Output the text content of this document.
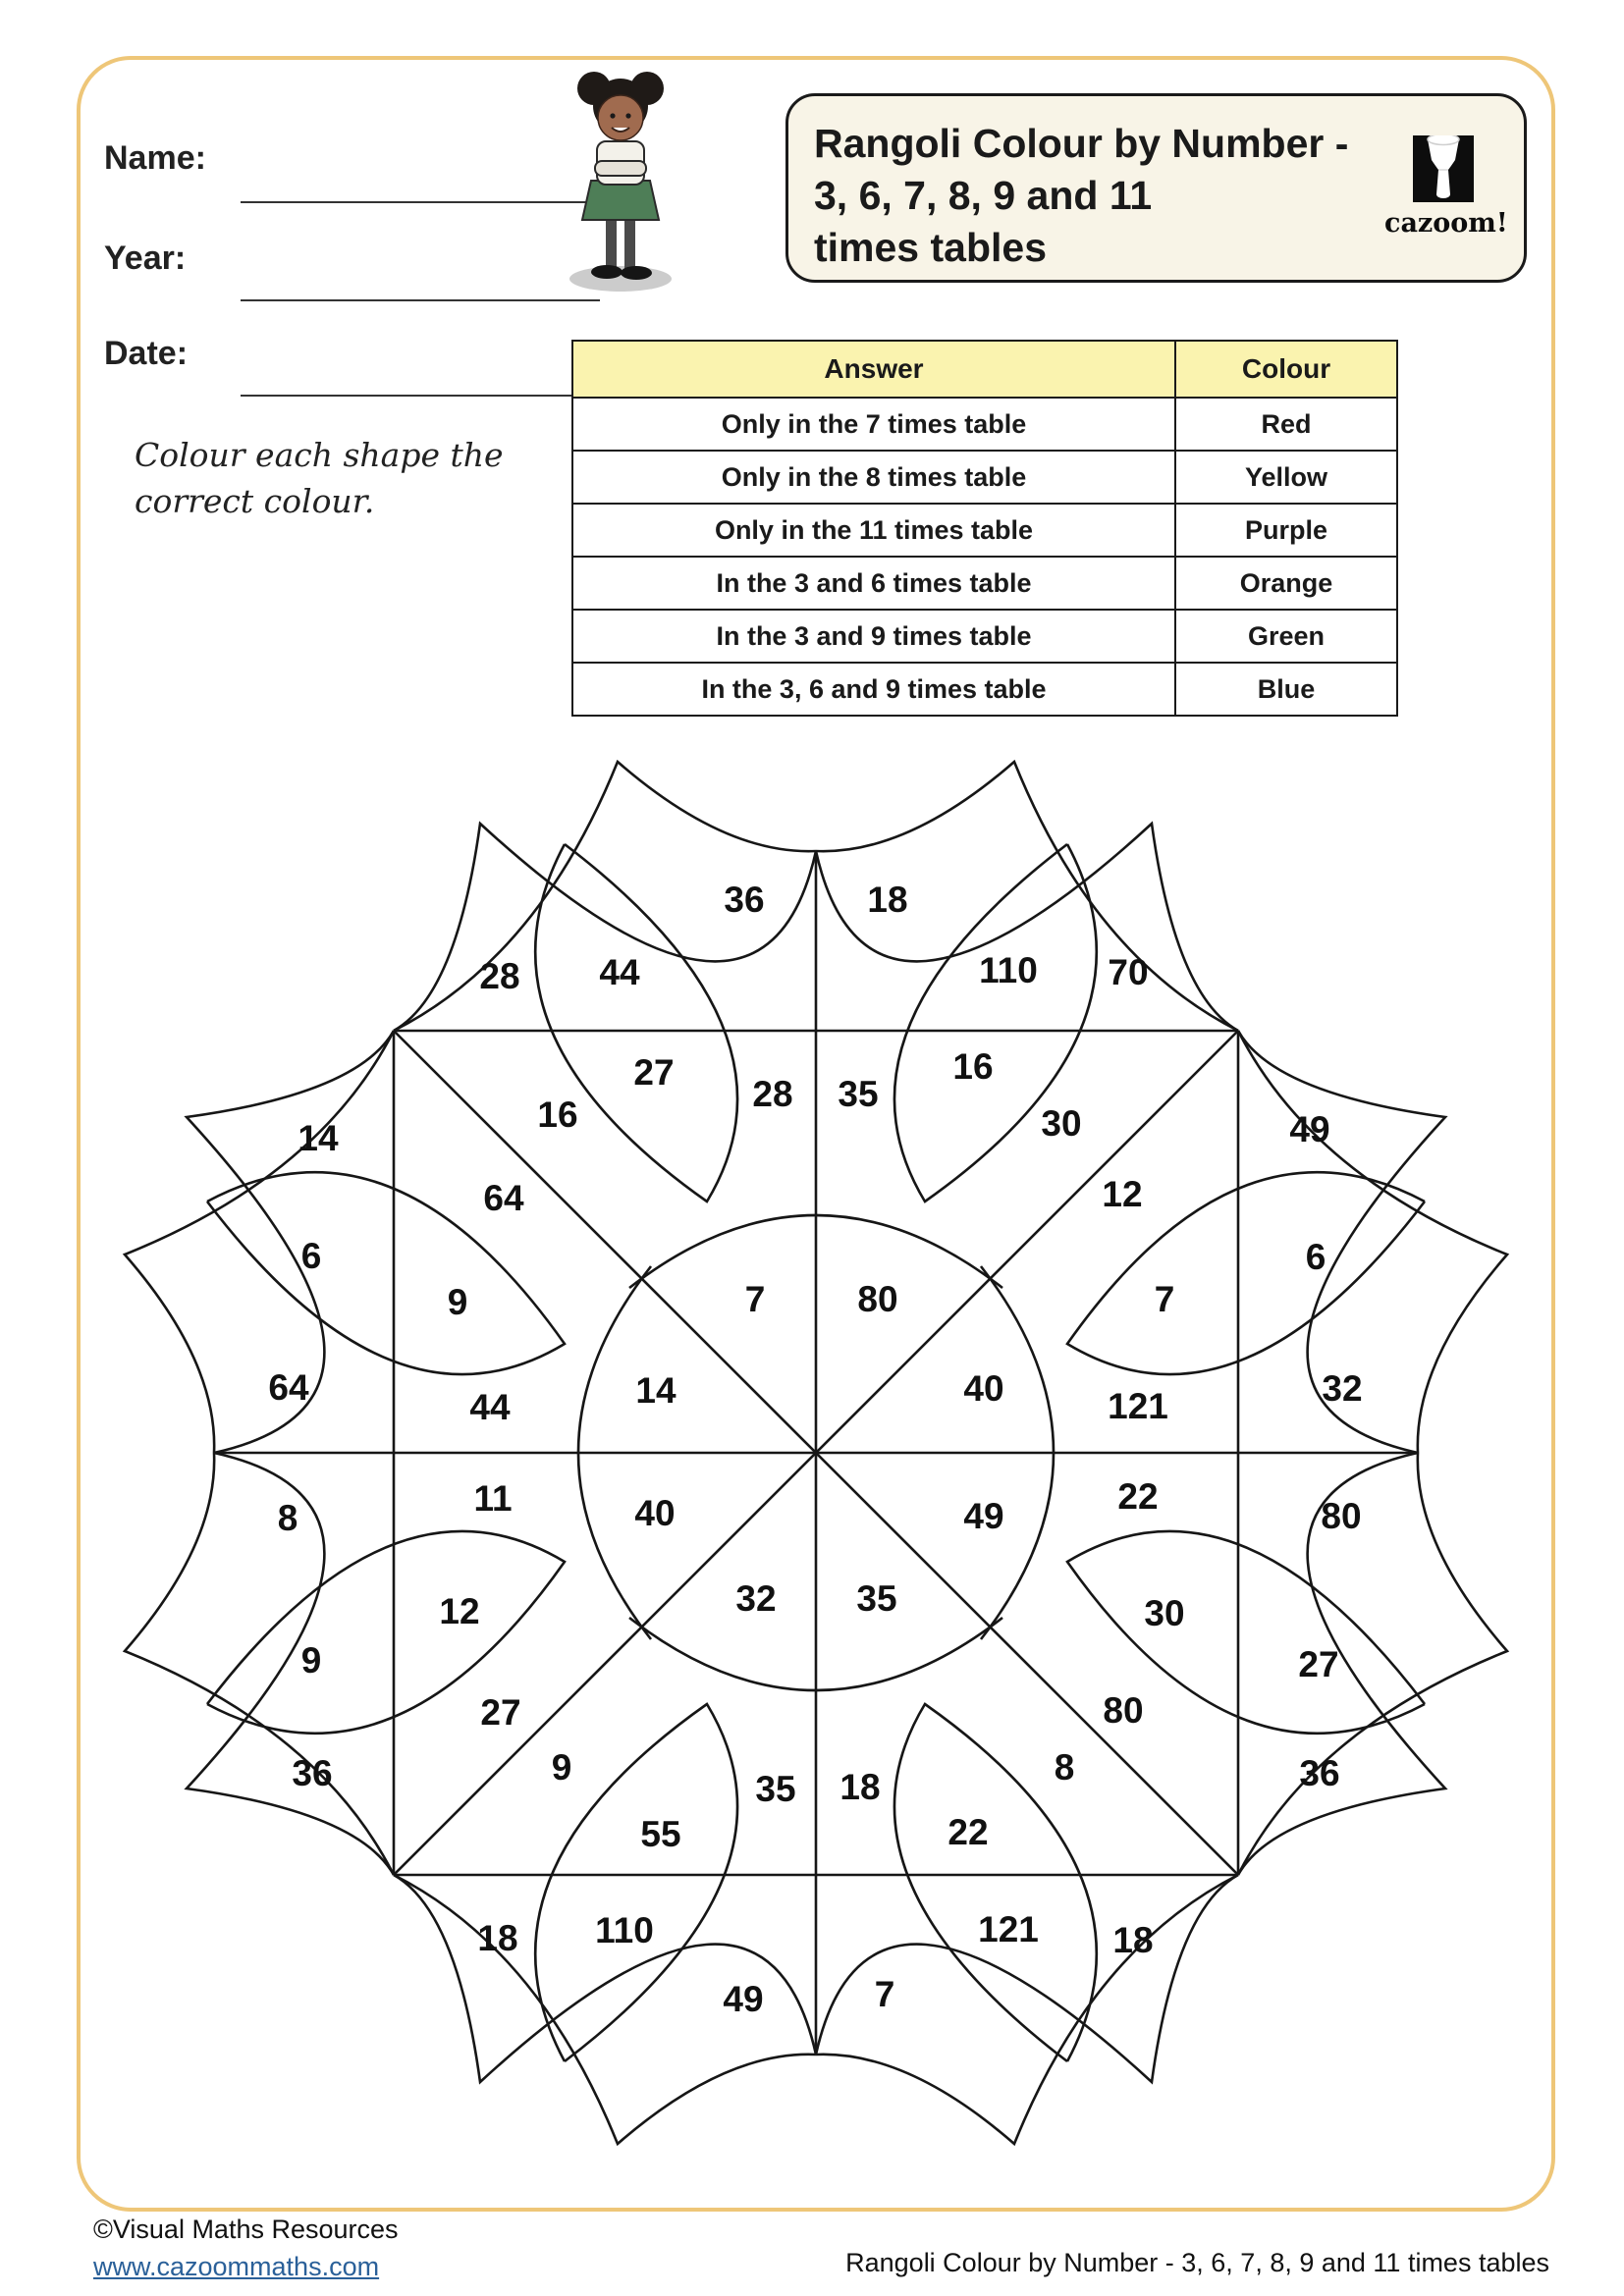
Name:
Year:
Date:
Rangoli Colour by Number -
3, 6, 7, 8, 9 and 11
times tables
cazoom!
Colour each shape the
correct colour.
Answer	Colour
Only in the 7 times table	Red
Only in the 8 times table	Yellow
Only in the 11 times table	Purple
In the 3 and 6 times table	Orange
In the 3 and 9 times table	Green
In the 3, 6 and 9 times table	Blue
36	18
28 35
7	80
49	7
35 18
32 35
32
80
121
22
40
49
64
8
44
11
14
40
44
27
110
16
6
7
27
30
121
22
110
55
9
12
6
9
16
64
30
12
9
27
8
80
28
14
70
49
36
18
36
18
©Visual Maths Resources
www.cazoommaths.com	Rangoli Colour by Number - 3, 6, 7, 8, 9 and 11 times tables
